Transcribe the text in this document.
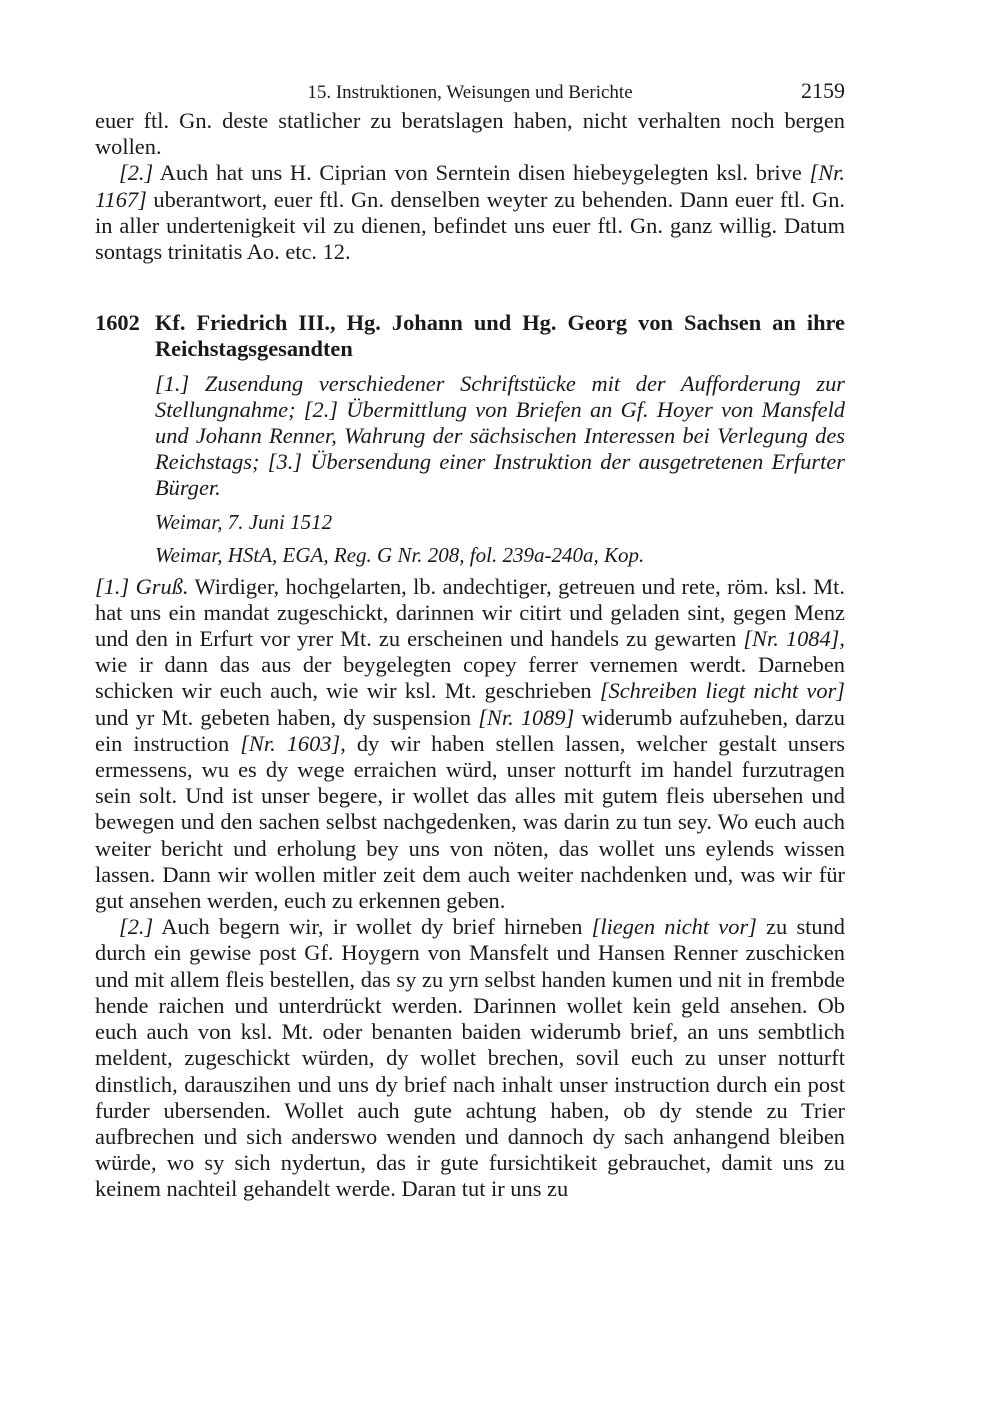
15. Instruktionen, Weisungen und Berichte	2159

euer ftl. Gn. deste statlicher zu beratslagen haben, nicht verhalten noch bergen wollen.

[2.] Auch hat uns H. Ciprian von Serntein disen hiebeygelegten ksl. brive [Nr. 1167] uberantwort, euer ftl. Gn. denselben weyter zu behenden. Dann euer ftl. Gn. in aller undertenigkeit vil zu dienen, befindet uns euer ftl. Gn. ganz willig. Datum sontags trinitatis Ao. etc. 12.

1602 Kf. Friedrich III., Hg. Johann und Hg. Georg von Sachsen an ihre Reichstagsgesandten

[1.] Zusendung verschiedener Schriftstücke mit der Aufforderung zur Stellungnahme; [2.] Übermittlung von Briefen an Gf. Hoyer von Mansfeld und Johann Renner, Wahrung der sächsischen Interessen bei Verlegung des Reichstags; [3.] Übersendung einer Instruktion der ausgetretenen Erfurter Bürger.

Weimar, 7. Juni 1512

Weimar, HStA, EGA, Reg. G Nr. 208, fol. 239a-240a, Kop.

[1.] Gruß. Wirdiger, hochgelarten, lb. andechtiger, getreuen und rete, röm. ksl. Mt. hat uns ein mandat zugeschickt, darinnen wir citirt und geladen sint, gegen Menz und den in Erfurt vor yrer Mt. zu erscheinen und handels zu gewarten [Nr. 1084], wie ir dann das aus der beygelegten copey ferrer vernemen werdt. Darneben schicken wir euch auch, wie wir ksl. Mt. geschrieben [Schreiben liegt nicht vor] und yr Mt. gebeten haben, dy suspension [Nr. 1089] widerumb aufzuheben, darzu ein instruction [Nr. 1603], dy wir haben stellen lassen, welcher gestalt unsers ermessens, wu es dy wege erraichen würd, unser notturft im handel furzutragen sein solt. Und ist unser begere, ir wollet das alles mit gutem fleis ubersehen und bewegen und den sachen selbst nachgedenken, was darin zu tun sey. Wo euch auch weiter bericht und erholung bey uns von nöten, das wollet uns eylends wissen lassen. Dann wir wollen mitler zeit dem auch weiter nachdenken und, was wir für gut ansehen werden, euch zu erkennen geben.

[2.] Auch begern wir, ir wollet dy brief hirneben [liegen nicht vor] zu stund durch ein gewise post Gf. Hoygern von Mansfelt und Hansen Renner zuschicken und mit allem fleis bestellen, das sy zu yrn selbst handen kumen und nit in frembde hende raichen und unterdrückt werden. Darinnen wollet kein geld ansehen. Ob euch auch von ksl. Mt. oder benanten baiden widerumb brief, an uns sembtlich meldent, zugeschickt würden, dy wollet brechen, sovil euch zu unser notturft dinstlich, darauszihen und uns dy brief nach inhalt unser instruction durch ein post furder ubersenden. Wollet auch gute achtung haben, ob dy stende zu Trier aufbrechen und sich anderswo wenden und dannoch dy sach anhangend bleiben würde, wo sy sich nydertun, das ir gute fursichtikeit gebrauchet, damit uns zu keinem nachteil gehandelt werde. Daran tut ir uns zu
